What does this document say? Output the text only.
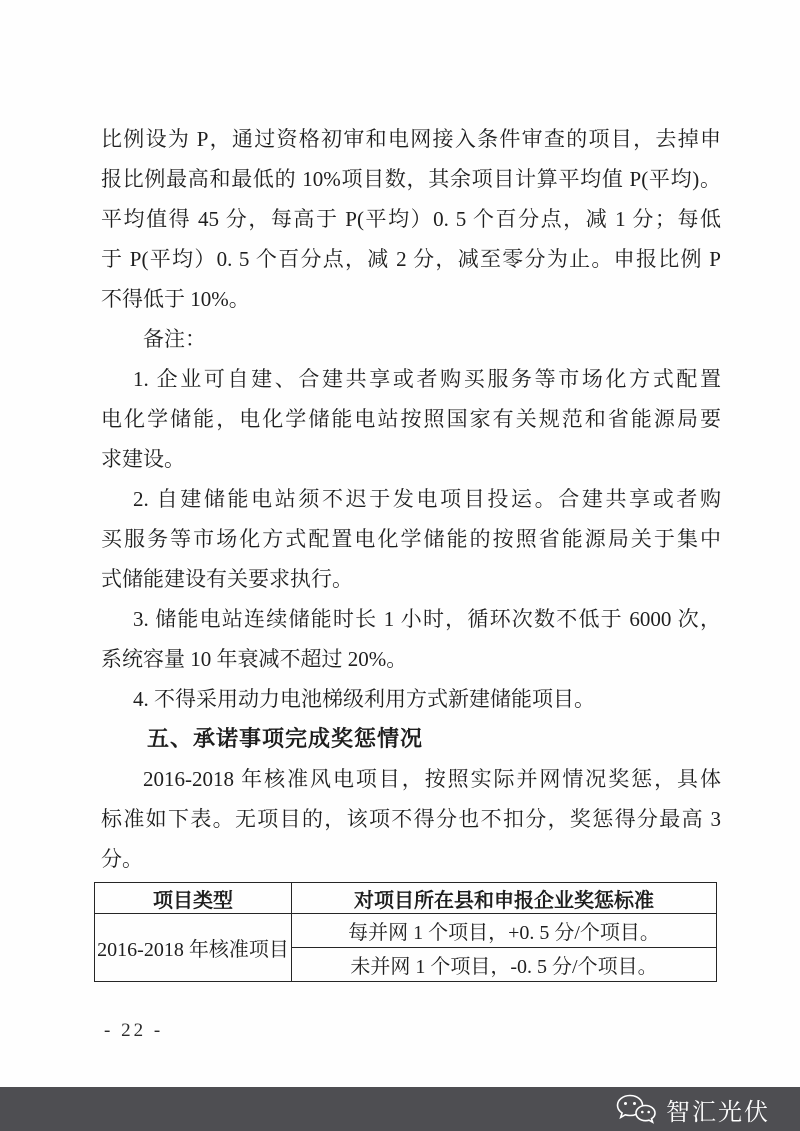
比例设为 P，通过资格初审和电网接入条件审查的项目，去掉申
报比例最高和最低的 10%项目数，其余项目计算平均值 P(平均)。
平均值得 45 分，每高于 P(平均）0. 5 个百分点，减 1 分；每低
于 P(平均）0. 5 个百分点，减 2 分，减至零分为止。申报比例 P
不得低于 10%。
备注：
1. 企业可自建、合建共享或者购买服务等市场化方式配置
电化学储能，电化学储能电站按照国家有关规范和省能源局要
求建设。
2. 自建储能电站须不迟于发电项目投运。合建共享或者购
买服务等市场化方式配置电化学储能的按照省能源局关于集中
式储能建设有关要求执行。
3. 储能电站连续储能时长 1 小时，循环次数不低于 6000 次，
系统容量 10 年衰减不超过 20%。
4. 不得采用动力电池梯级利用方式新建储能项目。
五、承诺事项完成奖惩情况
2016-2018 年核准风电项目，按照实际并网情况奖惩，具体
标准如下表。无项目的，该项不得分也不扣分，奖惩得分最高 3
分。
项目类型	对项目所在县和申报企业奖惩标准
2016-2018 年核准项目	每并网 1 个项目，+0. 5 分/个项目。
	未并网 1 个项目，-0. 5 分/个项目。
- 22 -
智汇光伏
